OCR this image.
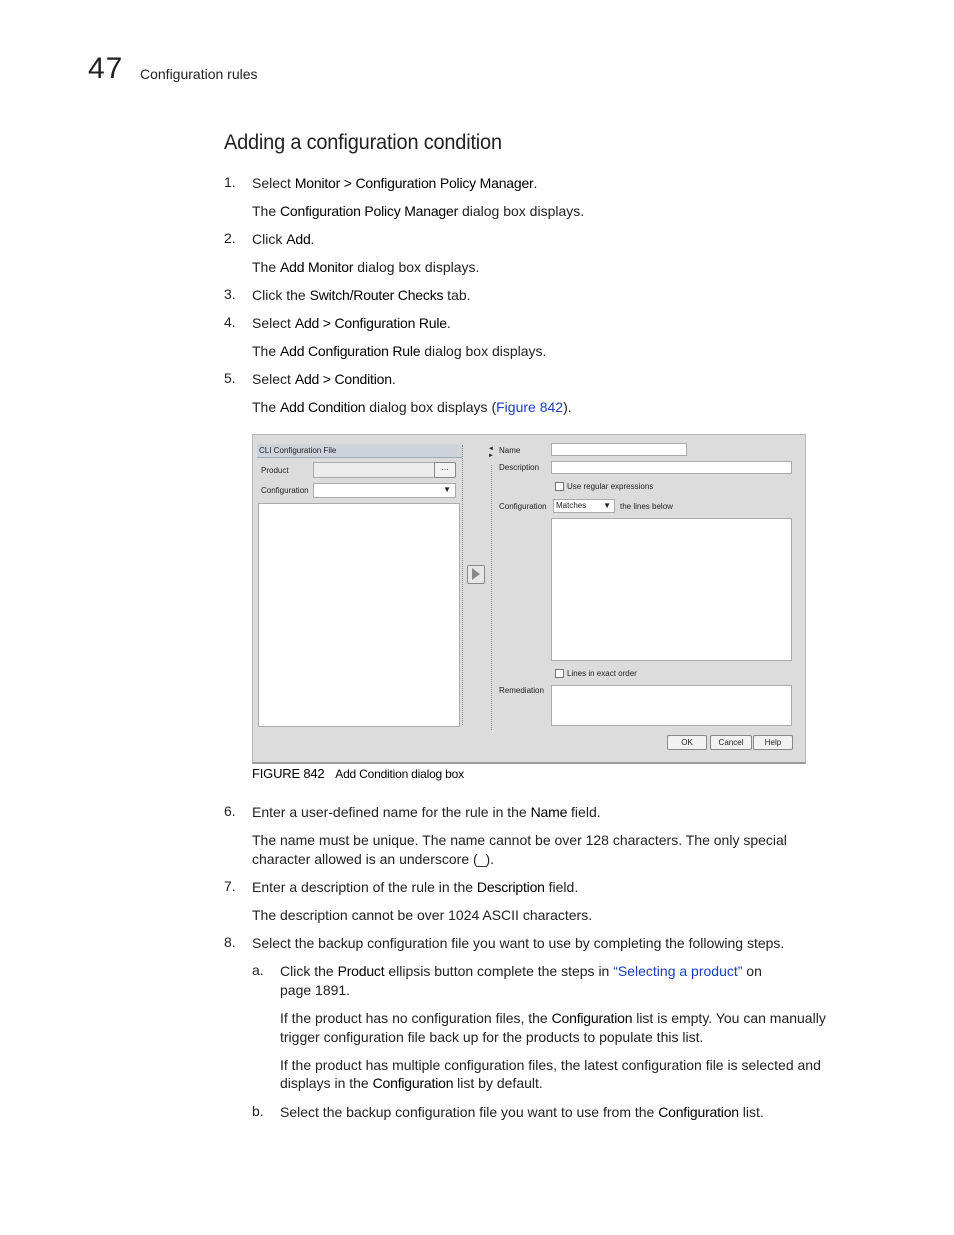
47 Configuration rules
Adding a configuration condition
1. Select Monitor > Configuration Policy Manager.
The Configuration Policy Manager dialog box displays.
2. Click Add.
The Add Monitor dialog box displays.
3. Click the Switch/Router Checks tab.
4. Select Add > Configuration Rule.
The Add Configuration Rule dialog box displays.
5. Select Add > Condition.
The Add Condition dialog box displays (Figure 842).
CLI Configuration File
Product	...
Configuration	▼
◄
►
Name
Description
Use regular expressions
Configuration Matches ▼ the lines below
Lines in exact order
Remediation
OK	Cancel	Help
FIGURE 842 Add Condition dialog box
6. Enter a user-defined name for the rule in the Name field.
The name must be unique. The name cannot be over 128 characters. The only special
character allowed is an underscore (_).
7. Enter a description of the rule in the Description field.
The description cannot be over 1024 ASCII characters.
8. Select the backup configuration file you want to use by completing the following steps.
a. Click the Product ellipsis button complete the steps in “Selecting a product” on
page 1891.
If the product has no configuration files, the Configuration list is empty. You can manually
trigger configuration file back up for the products to populate this list.
If the product has multiple configuration files, the latest configuration file is selected and
displays in the Configuration list by default.
b. Select the backup configuration file you want to use from the Configuration list.
